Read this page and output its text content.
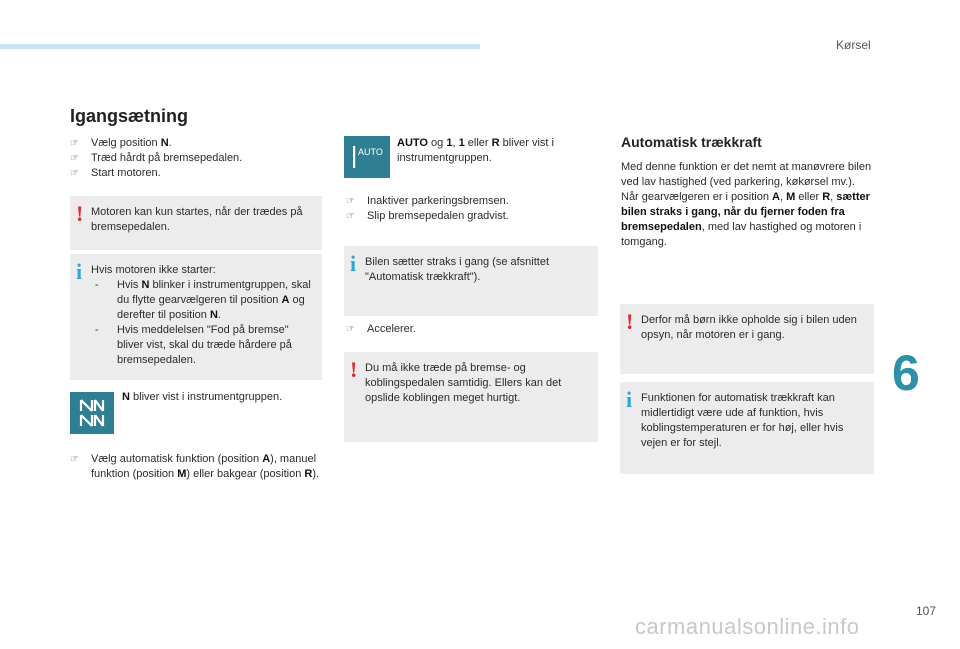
Kørsel
6
107
carmanualsonline.info
Igangsætning
☞ Vælg position N.
☞ Træd hårdt på bremsepedalen.
☞ Start motoren.
! Motoren kan kun startes, når der trædes på bremsepedalen.
i Hvis motoren ikke starter:
- Hvis N blinker i instrumentgruppen, skal du flytte gearvælgeren til position A og derefter til position N.
- Hvis meddelelsen "Fod på bremse" bliver vist, skal du træde hårdere på bremsepedalen.
N bliver vist i instrumentgruppen.
☞ Vælg automatisk funktion (position A), manuel funktion (position M) eller bakgear (position R).
AUTO
AUTO og 1, 1 eller R bliver vist i instrumentgruppen.
☞ Inaktiver parkeringsbremsen.
☞ Slip bremsepedalen gradvist.
i Bilen sætter straks i gang (se afsnittet "Automatisk trækkraft").
☞ Accelerer.
! Du må ikke træde på bremse- og koblingspedalen samtidig. Ellers kan det opslide koblingen meget hurtigt.
Automatisk trækkraft
Med denne funktion er det nemt at manøvrere bilen ved lav hastighed (ved parkering, køkørsel mv.).
Når gearvælgeren er i position A, M eller R, sætter bilen straks i gang, når du fjerner foden fra bremsepedalen, med lav hastighed og motoren i tomgang.
! Derfor må børn ikke opholde sig i bilen uden opsyn, når motoren er i gang.
i Funktionen for automatisk trækkraft kan midlertidigt være ude af funktion, hvis koblingstemperaturen er for høj, eller hvis vejen er for stejl.
